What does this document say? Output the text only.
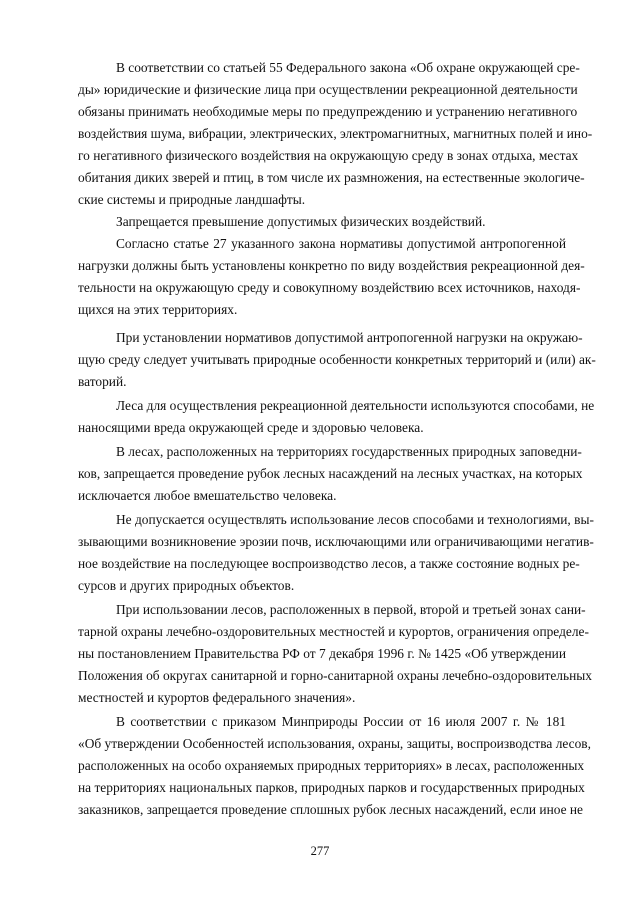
В соответствии со статьей 55 Федерального закона «Об охране окружающей сре-
ды» юридические и физические лица при осуществлении рекреационной деятельности
обязаны принимать необходимые меры по предупреждению и устранению негативного
воздействия шума, вибрации, электрических, электромагнитных, магнитных полей и ино-
го негативного физического воздействия на окружающую среду в зонах отдыха, местах
обитания диких зверей и птиц, в том числе их размножения, на естественные экологиче-
ские системы и природные ландшафты.
Запрещается превышение допустимых физических воздействий.
Согласно статье 27 указанного закона нормативы допустимой антропогенной
нагрузки должны быть установлены конкретно по виду воздействия рекреационной дея-
тельности на окружающую среду и совокупному воздействию всех источников, находя-
щихся на этих территориях.
При установлении нормативов допустимой антропогенной нагрузки на окружаю-
щую среду следует учитывать природные особенности конкретных территорий и (или) ак-
ваторий.
Леса для осуществления рекреационной деятельности используются способами, не
наносящими вреда окружающей среде и здоровью человека.
В лесах, расположенных на территориях государственных природных заповедни-
ков, запрещается проведение рубок лесных насаждений на лесных участках, на которых
исключается любое вмешательство человека.
Не допускается осуществлять использование лесов способами и технологиями, вы-
зывающими возникновение эрозии почв, исключающими или ограничивающими негатив-
ное воздействие на последующее воспроизводство лесов, а также состояние водных ре-
сурсов и других природных объектов.
При использовании лесов, расположенных в первой, второй и третьей зонах сани-
тарной охраны лечебно-оздоровительных местностей и курортов, ограничения определе-
ны постановлением Правительства РФ от 7 декабря 1996 г. № 1425 «Об утверждении
Положения об округах санитарной и горно-санитарной охраны лечебно-оздоровительных
местностей и курортов федерального значения».
В соответствии с приказом Минприроды России от 16 июля 2007 г. № 181
«Об утверждении Особенностей использования, охраны, защиты, воспроизводства лесов,
расположенных на особо охраняемых природных территориях» в лесах, расположенных
на территориях национальных парков, природных парков и государственных природных
заказников, запрещается проведение сплошных рубок лесных насаждений, если иное не
277
